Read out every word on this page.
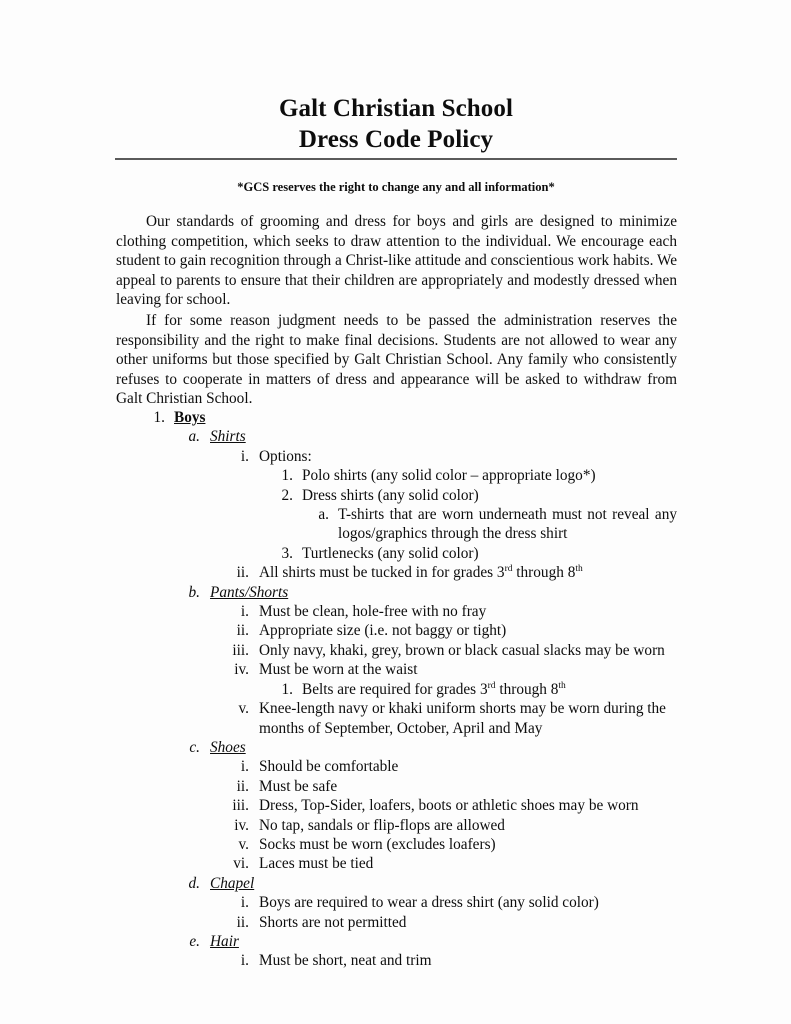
Galt Christian School
Dress Code Policy
*GCS reserves the right to change any and all information*

Our standards of grooming and dress for boys and girls are designed to minimize clothing competition, which seeks to draw attention to the individual. We encourage each student to gain recognition through a Christ-like attitude and conscientious work habits. We appeal to parents to ensure that their children are appropriately and modestly dressed when leaving for school.

If for some reason judgment needs to be passed the administration reserves the responsibility and the right to make final decisions. Students are not allowed to wear any other uniforms but those specified by Galt Christian School. Any family who consistently refuses to cooperate in matters of dress and appearance will be asked to withdraw from Galt Christian School.

1. Boys
a. Shirts
i. Options:
1. Polo shirts (any solid color – appropriate logo*)
2. Dress shirts (any solid color)
a. T-shirts that are worn underneath must not reveal any logos/graphics through the dress shirt
3. Turtlenecks (any solid color)
ii. All shirts must be tucked in for grades 3rd through 8th
b. Pants/Shorts
i. Must be clean, hole-free with no fray
ii. Appropriate size (i.e. not baggy or tight)
iii. Only navy, khaki, grey, brown or black casual slacks may be worn
iv. Must be worn at the waist
1. Belts are required for grades 3rd through 8th
v. Knee-length navy or khaki uniform shorts may be worn during the months of September, October, April and May
c. Shoes
i. Should be comfortable
ii. Must be safe
iii. Dress, Top-Sider, loafers, boots or athletic shoes may be worn
iv. No tap, sandals or flip-flops are allowed
v. Socks must be worn (excludes loafers)
vi. Laces must be tied
d. Chapel
i. Boys are required to wear a dress shirt (any solid color)
ii. Shorts are not permitted
e. Hair
i. Must be short, neat and trim
